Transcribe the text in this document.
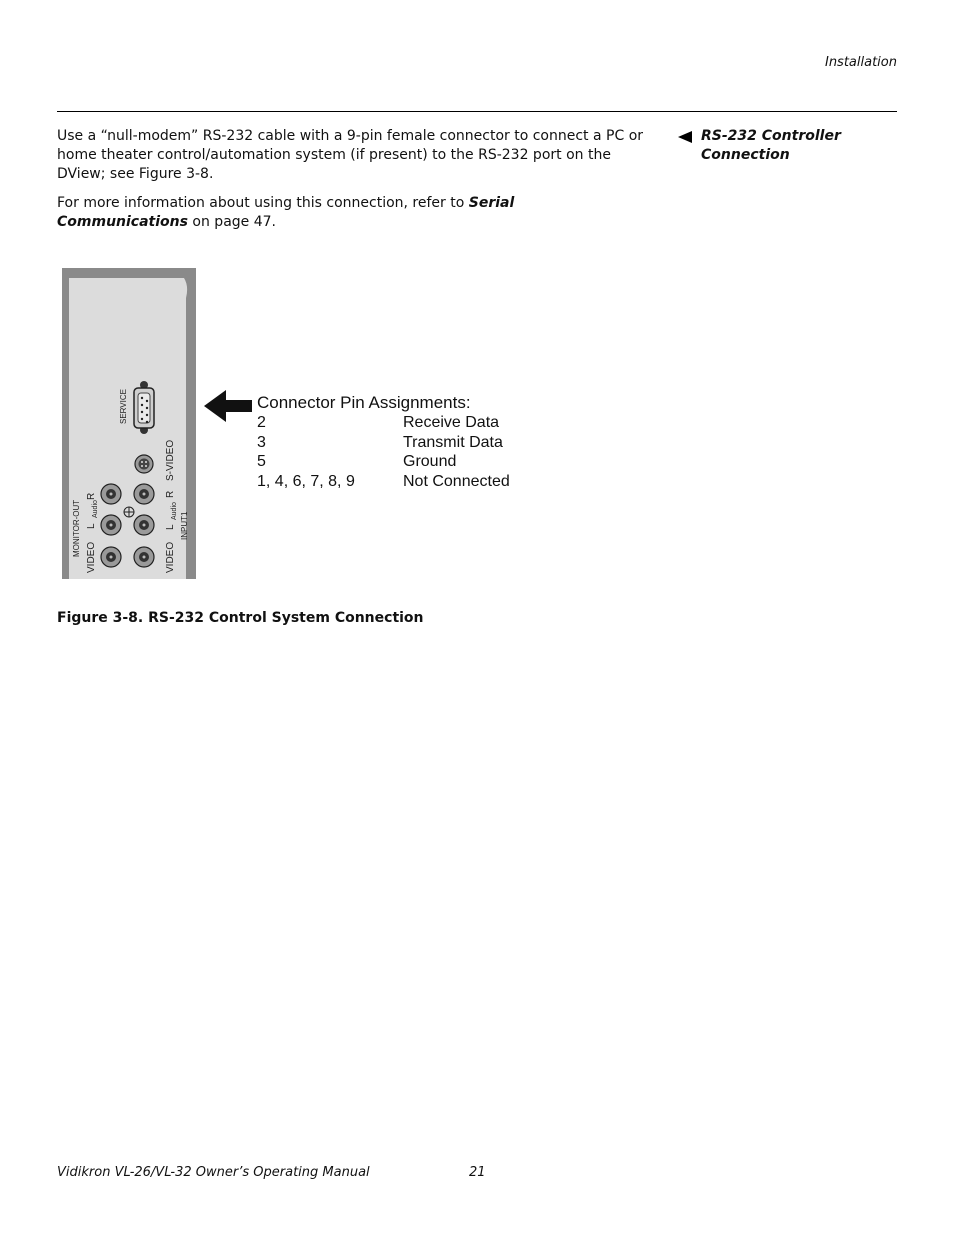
Installation
Use a “null-modem” RS-232 cable with a 9-pin female connector to connect a PC or home theater control/automation system (if present) to the RS-232 port on the DView; see Figure 3-8.
For more information about using this connection, refer to Serial Communications on page 47.
RS-232 Controller
Connection
SERVICE
S-VIDEO
MONITOR-OUT
VIDEO
L
Audio
R
VIDEO
L
Audio
R
INPUT1
Connector Pin Assignments:
2	Receive Data
3	Transmit Data
5	Ground
1, 4, 6, 7, 8, 9	Not Connected
Figure 3-8. RS-232 Control System Connection
Vidikron VL-26/VL-32 Owner’s Operating Manual	21
